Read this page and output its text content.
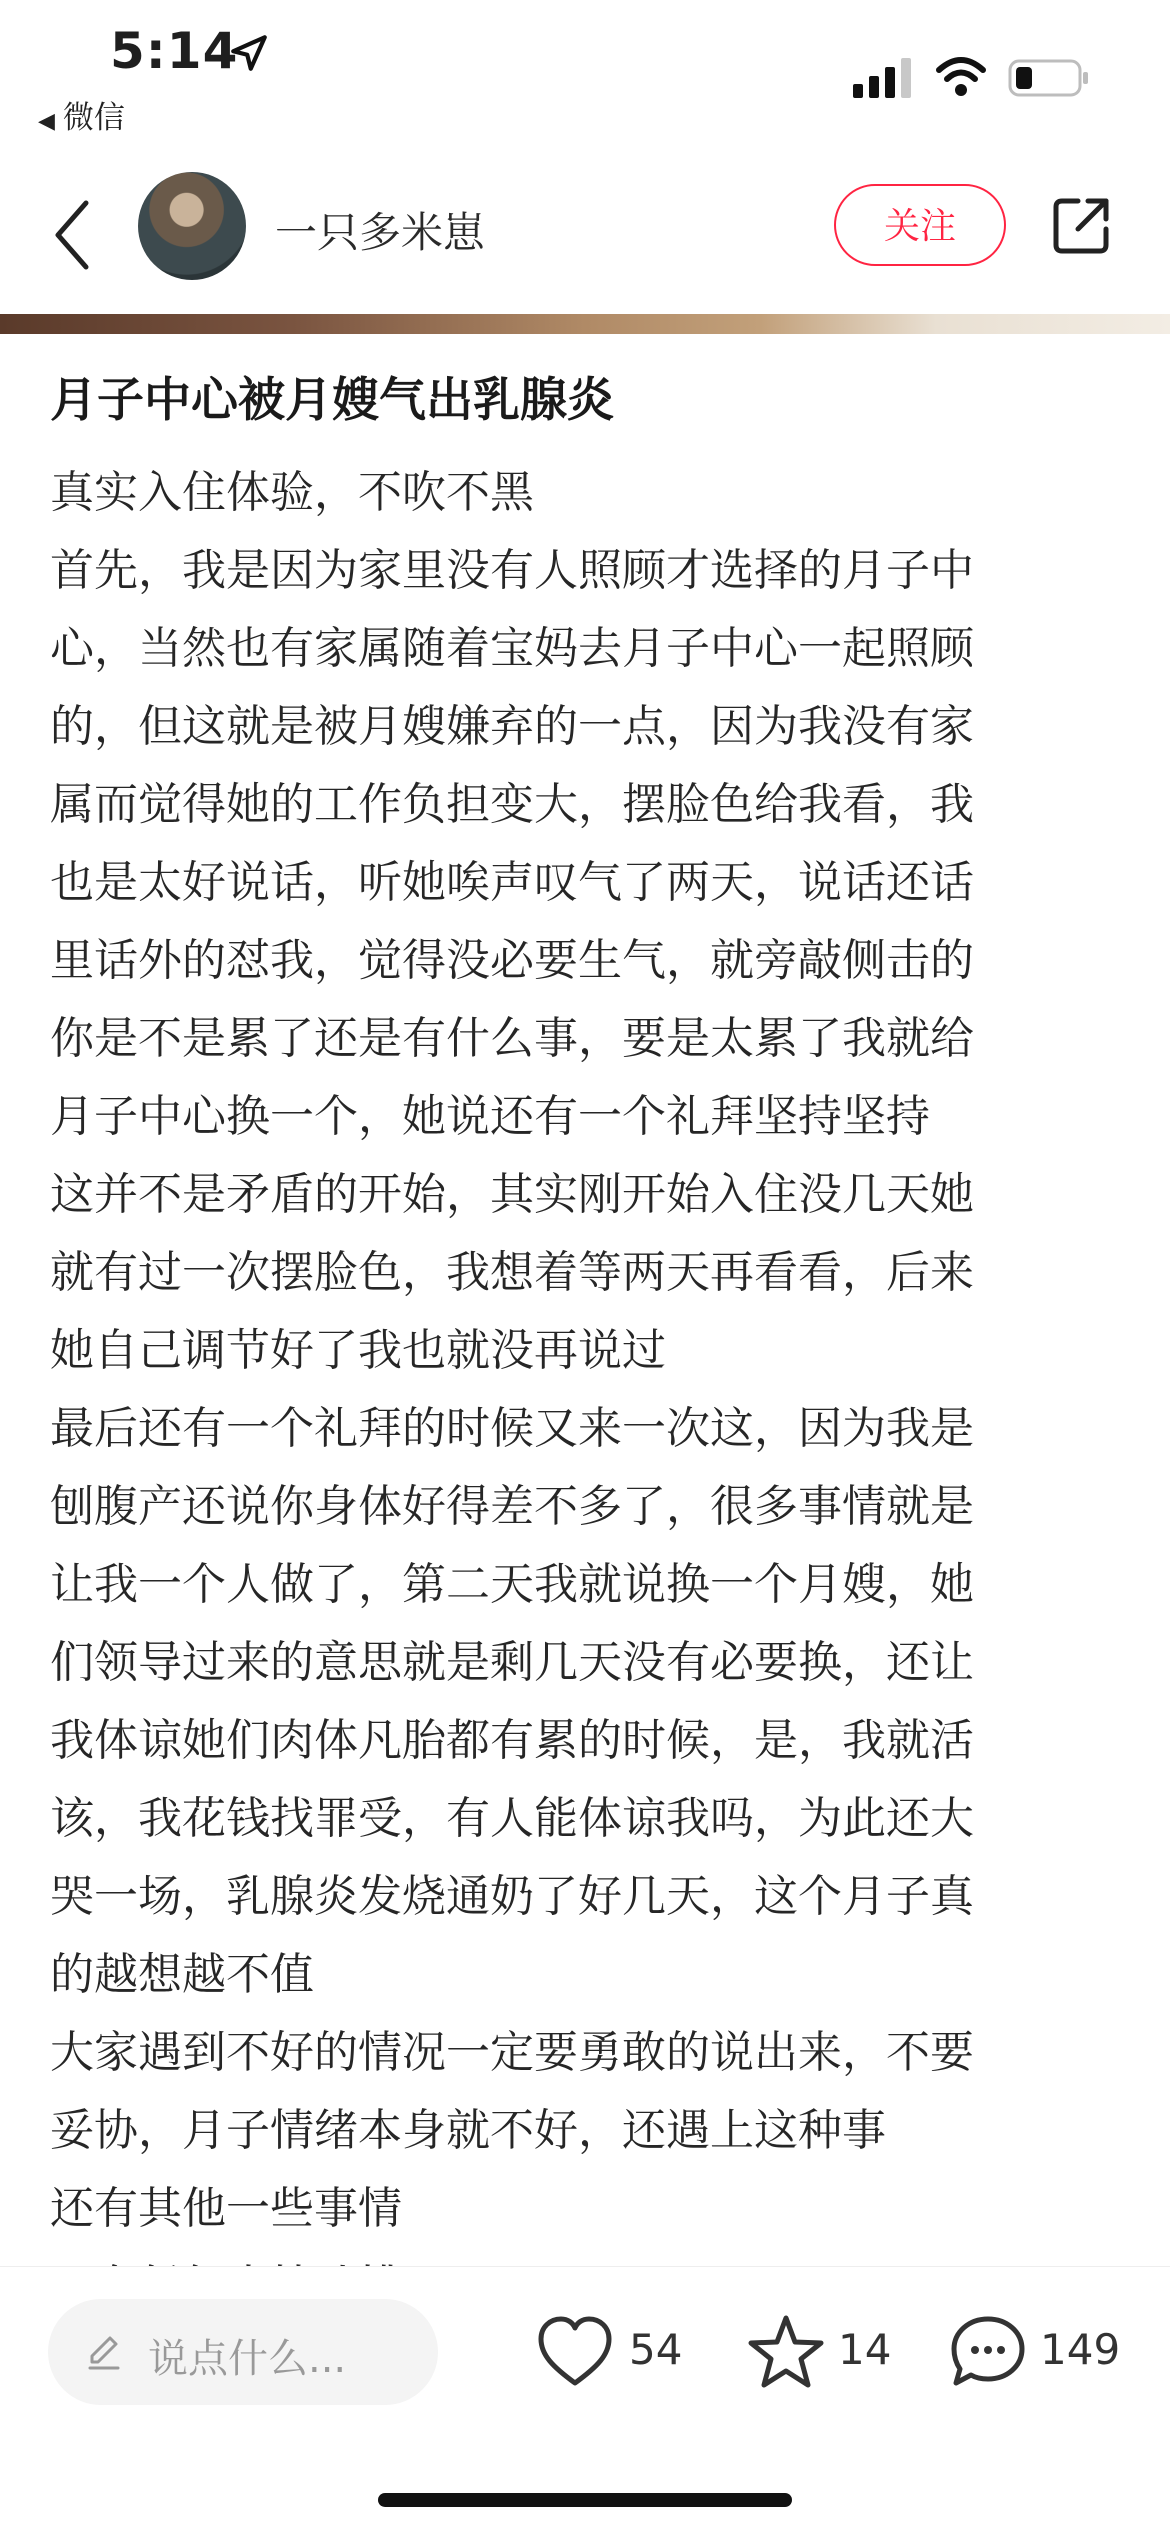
5:14
◀ 微信
一只多米崽	关注
月子中心被月嫂气出乳腺炎
真实入住体验，不吹不黑
首先，我是因为家里没有人照顾才选择的月子中
心，当然也有家属随着宝妈去月子中心一起照顾
的，但这就是被月嫂嫌弃的一点，因为我没有家
属而觉得她的工作负担变大，摆脸色给我看，我
也是太好说话，听她唉声叹气了两天，说话还话
里话外的怼我，觉得没必要生气，就旁敲侧击的
你是不是累了还是有什么事，要是太累了我就给
月子中心换一个，她说还有一个礼拜坚持坚持
这并不是矛盾的开始，其实刚开始入住没几天她
就有过一次摆脸色，我想着等两天再看看，后来
她自己调节好了我也就没再说过
最后还有一个礼拜的时候又来一次这，因为我是
刨腹产还说你身体好得差不多了，很多事情就是
让我一个人做了，第二天我就说换一个月嫂，她
们领导过来的意思就是剩几天没有必要换，还让
我体谅她们肉体凡胎都有累的时候，是，我就活
该，我花钱找罪受，有人能体谅我吗，为此还大
哭一场，乳腺炎发烧通奶了好几天，这个月子真
的越想越不值
大家遇到不好的情况一定要勇敢的说出来，不要
妥协，月子情绪本身就不好，还遇上这种事
还有其他一些事情
说点什么...	54	14	149
